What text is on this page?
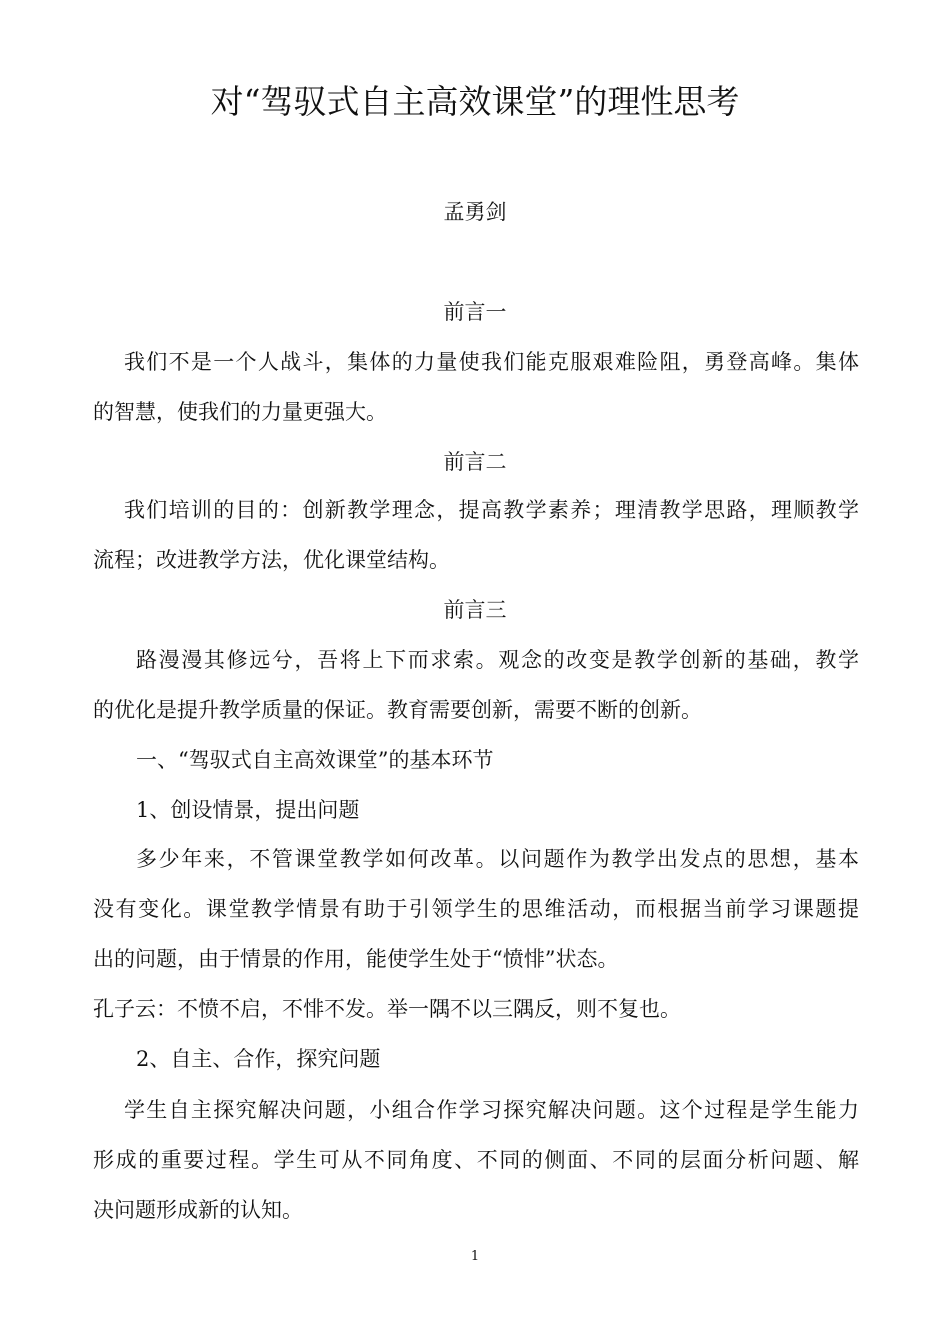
对“驾驭式自主高效课堂”的理性思考
孟勇剑
前言一
我们不是一个人战斗，集体的力量使我们能克服艰难险阻，勇登高峰。集体
的智慧，使我们的力量更强大。
前言二
我们培训的目的：创新教学理念，提高教学素养；理清教学思路，理顺教学
流程；改进教学方法，优化课堂结构。
前言三
路漫漫其修远兮，吾将上下而求索。观念的改变是教学创新的基础，教学
的优化是提升教学质量的保证。教育需要创新，需要不断的创新。
一、“驾驭式自主高效课堂”的基本环节
1、创设情景，提出问题
多少年来，不管课堂教学如何改革。以问题作为教学出发点的思想，基本
没有变化。课堂教学情景有助于引领学生的思维活动，而根据当前学习课题提
出的问题，由于情景的作用，能使学生处于“愤悱”状态。
孔子云：不愤不启，不悱不发。举一隅不以三隅反，则不复也。
2、自主、合作，探究问题
学生自主探究解决问题，小组合作学习探究解决问题。这个过程是学生能力
形成的重要过程。学生可从不同角度、不同的侧面、不同的层面分析问题、解
决问题形成新的认知。
1
